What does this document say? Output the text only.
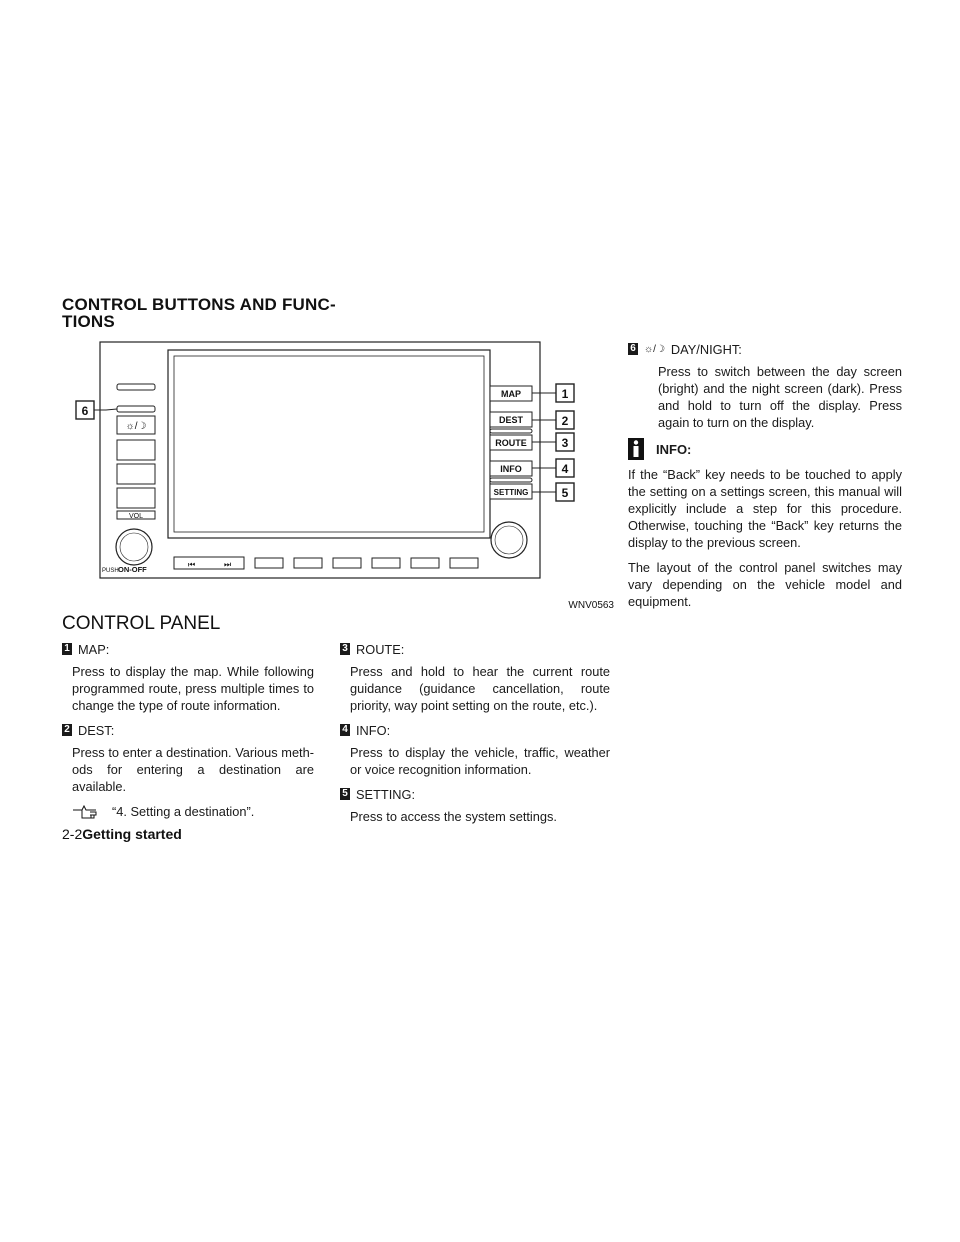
CONTROL BUTTONS AND FUNC-
TIONS
☼/☽
VOL
PUSH ON-OFF
⏮	⏭
MAP
DEST
ROUTE
INFO
SETTING
1
2
3
4
5
6
WNV0563
CONTROL PANEL
1 MAP:
Press to display the map. While following programmed route, press multiple times to change the type of route information.
2 DEST:
Press to enter a destination. Various meth-ods for entering a destination are available.
“4. Setting a destination”.
3 ROUTE:
Press and hold to hear the current route guidance (guidance cancellation, route priority, way point setting on the route, etc.).
4 INFO:
Press to display the vehicle, traffic, weather or voice recognition information.
5 SETTING:
Press to access the system settings.
6 ☼/☽ DAY/NIGHT:
Press to switch between the day screen (bright) and the night screen (dark). Press and hold to turn off the display. Press again to turn on the display.
INFO:

If the “Back” key needs to be touched to apply the setting on a settings screen, this manual will explicitly include a step for this procedure. Otherwise, touching the “Back” key returns the display to the previous screen.

The layout of the control panel switches may vary depending on the vehicle model and equipment.

2-2Getting started
